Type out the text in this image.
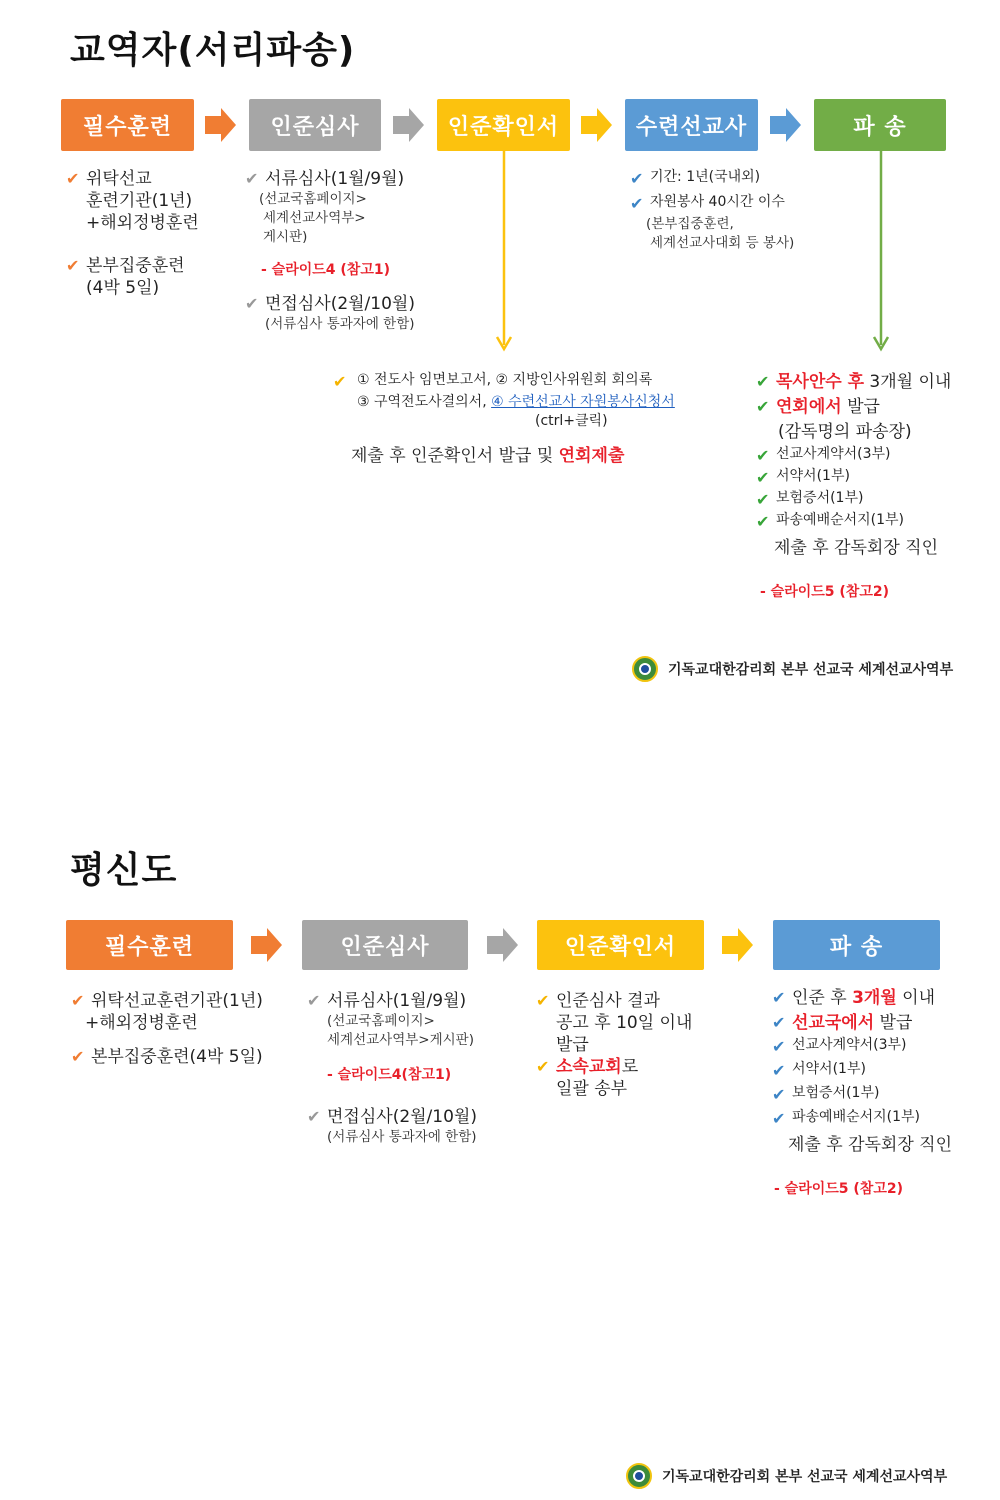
교역자(서리파송)
필수훈련	인준심사	인준확인서	수련선교사	파 송
✔ 위탁선교
훈련기관(1년)
+해외정병훈련
✔ 본부집중훈련
(4박 5일)
✔ 서류심사(1월/9월)
(선교국홈페이지>
세계선교사역부>
게시판)
- 슬라이드4 (참고1)
✔ 면접심사(2월/10월)
(서류심사 통과자에 한함)
✔ 기간: 1년(국내외)
✔ 자원봉사 40시간 이수
(본부집중훈련,
세계선교사대회 등 봉사)
✔ ① 전도사 임면보고서, ② 지방인사위원회 회의록
③ 구역전도사결의서, ④ 수련선교사 자원봉사신청서
(ctrl+클릭)
제출 후 인준확인서 발급 및 연회제출
✔ 목사안수 후 3개월 이내
✔ 연회에서 발급
(감독명의 파송장)
✔ 선교사계약서(3부)
✔ 서약서(1부)
✔ 보험증서(1부)
✔ 파송예배순서지(1부)
제출 후 감독회장 직인
- 슬라이드5 (참고2)
기독교대한감리회 본부 선교국 세계선교사역부
평신도
필수훈련	인준심사	인준확인서	파 송
✔ 위탁선교훈련기관(1년)
+해외정병훈련
✔ 본부집중훈련(4박 5일)
✔ 서류심사(1월/9월)
(선교국홈페이지>
세계선교사역부>게시판)
- 슬라이드4(참고1)
✔ 면접심사(2월/10월)
(서류심사 통과자에 한함)
✔ 인준심사 결과
공고 후 10일 이내
발급
✔ 소속교회로
일괄 송부
✔ 인준 후 3개월 이내
✔ 선교국에서 발급
✔ 선교사계약서(3부)
✔ 서약서(1부)
✔ 보험증서(1부)
✔ 파송예배순서지(1부)
제출 후 감독회장 직인
- 슬라이드5 (참고2)
기독교대한감리회 본부 선교국 세계선교사역부
